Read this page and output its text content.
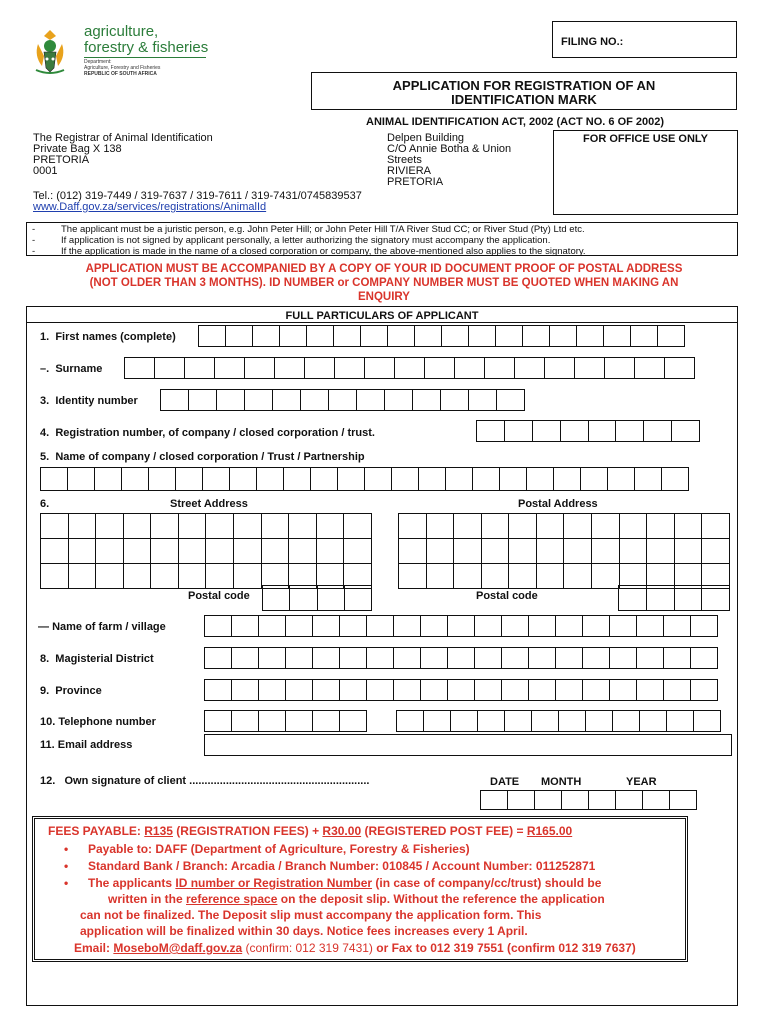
agriculture,
forestry & fisheries
Department:
Agriculture, Forestry and Fisheries
REPUBLIC OF SOUTH AFRICA
FILING NO.:
APPLICATION FOR REGISTRATION OF AN
IDENTIFICATION MARK
ANIMAL IDENTIFICATION ACT, 2002 (ACT NO. 6 OF 2002)
The Registrar of Animal Identification
Private Bag X 138
PRETORIA
0001
Delpen Building
C/O Annie Botha & Union
Streets
RIVIERA
PRETORIA
FOR OFFICE USE ONLY
Tel.: (012) 319-7449 / 319-7637 / 319-7611 / 319-7431/0745839537
www.Daff.gov.za/services/registrations/AnimalId
-	The applicant must be a juristic person, e.g. John Peter Hill; or John Peter Hill T/A River Stud CC; or River Stud (Pty) Ltd etc.
-	If application is not signed by applicant personally, a letter authorizing the signatory must accompany the application.
-	If the application is made in the name of a closed corporation or company, the above-mentioned also applies to the signatory.
APPLICATION MUST BE ACCOMPANIED BY A COPY OF YOUR ID DOCUMENT PROOF OF POSTAL ADDRESS
(NOT OLDER THAN 3 MONTHS). ID NUMBER or COMPANY NUMBER MUST BE QUOTED WHEN MAKING AN
ENQUIRY
FULL PARTICULARS OF APPLICANT
1. First names (complete)
–. Surname
3. Identity number
4. Registration number, of company / closed corporation / trust.
5. Name of company / closed corporation / Trust / Partnership
6.	Street Address	Postal Address
Postal code	Postal code
— Name of farm / village
8.  Magisterial District
9.  Province
10. Telephone number
11. Email address
12. Own signature of client ...........................................................	DATE MONTH	YEAR
FEES PAYABLE: R135 (REGISTRATION FEES) + R30.00 (REGISTERED POST FEE) = R165.00
• Payable to: DAFF (Department of Agriculture, Forestry & Fisheries)
• Standard Bank / Branch: Arcadia / Branch Number: 010845 / Account Number: 011252871
• The applicants ID number or Registration Number (in case of company/cc/trust) should be
written in the reference space on the deposit slip. Without the reference the application
can not be finalized. The Deposit slip must accompany the application form. This
application will be finalized within 30 days. Notice fees increases every 1 April.
Email: MoseboM@daff.gov.za (confirm: 012 319 7431) or Fax to 012 319 7551 (confirm 012 319 7637)
